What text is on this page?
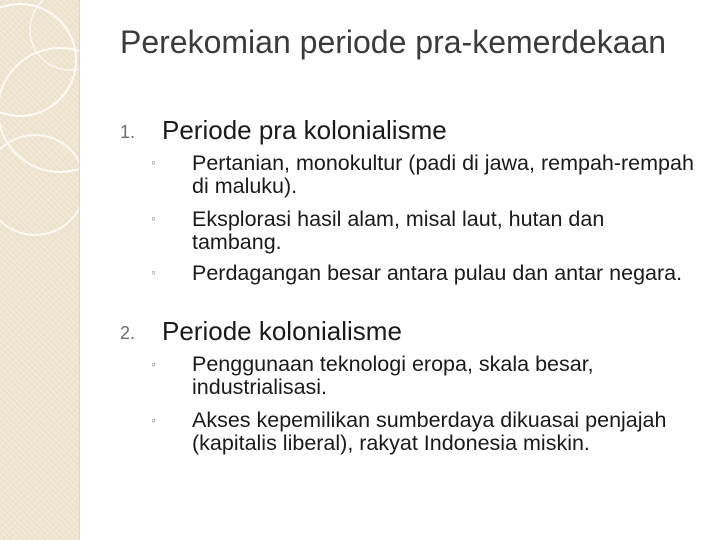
Perekomian periode pra-kemerdekaan
1. Periode pra kolonialisme
◦ Pertanian, monokultur (padi di jawa, rempah-rempah di maluku).

◦ Eksplorasi hasil alam, misal laut, hutan dan tambang.

◦ Perdagangan besar antara pulau dan antar negara.

2. Periode kolonialisme
◦ Penggunaan teknologi eropa, skala besar, industrialisasi.

◦ Akses kepemilikan sumberdaya dikuasai penjajah (kapitalis liberal), rakyat Indonesia miskin.
